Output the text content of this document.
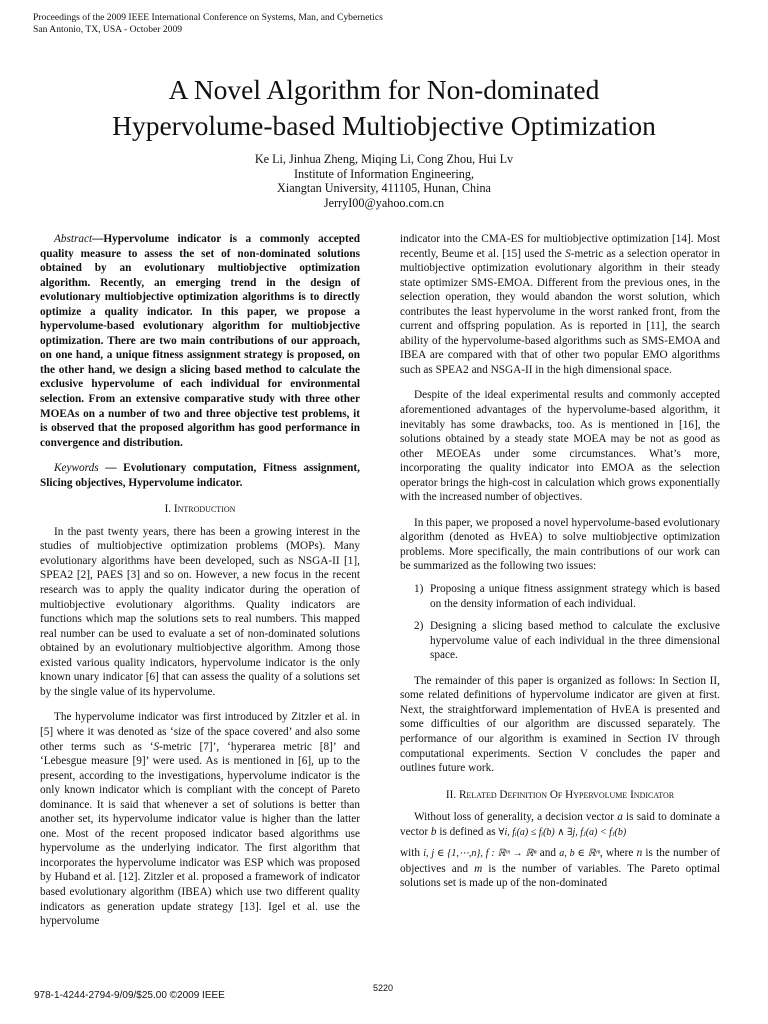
Proceedings of the 2009 IEEE International Conference on Systems, Man, and Cybernetics
San Antonio, TX, USA - October 2009
A Novel Algorithm for Non-dominated
Hypervolume-based Multiobjective Optimization
Ke Li, Jinhua Zheng, Miqing Li, Cong Zhou, Hui Lv
Institute of Information Engineering,
Xiangtan University, 411105, Hunan, China
JerryI00@yahoo.com.cn

Abstract—Hypervolume indicator is a commonly accepted quality measure to assess the set of non-dominated solutions obtained by an evolutionary multiobjective optimization algorithm. Recently, an emerging trend in the design of evolutionary multiobjective optimization algorithms is to directly optimize a quality indicator. In this paper, we propose a hypervolume-based evolutionary algorithm for multiobjective optimization. There are two main contributions of our approach, on one hand, a unique fitness assignment strategy is proposed, on the other hand, we design a slicing based method to calculate the exclusive hypervolume of each individual for environmental selection. From an extensive comparative study with three other MOEAs on a number of two and three objective test problems, it is observed that the proposed algorithm has good performance in convergence and distribution.

Keywords — Evolutionary computation, Fitness assignment, Slicing objectives, Hypervolume indicator.

I. Introduction

In the past twenty years, there has been a growing interest in the studies of multiobjective optimization problems (MOPs). Many evolutionary algorithms have been developed, such as NSGA-II [1], SPEA2 [2], PAES [3] and so on. However, a new focus in the recent research was to apply the quality indicator during the operation of multiobjective evolutionary algorithms. Quality indicators are functions which map the solutions sets to real numbers. This mapped real number can be used to evaluate a set of non-dominated solutions obtained by an evolutionary multiobjective algorithm. Among those existed various quality indicators, hypervolume indicator is the only known unary indicator [6] that can assess the quality of a solutions set by the single value of its hypervolume.

The hypervolume indicator was first introduced by Zitzler et al. in [5] where it was denoted as ‘size of the space covered’ and also some other terms such as ‘S-metric [7]’, ‘hyperarea metric [8]’ and ‘Lebesgue measure [9]’ were used. As is mentioned in [6], up to the present, according to the investigations, hypervolume indicator is the only known indicator which is compliant with the concept of Pareto dominance. It is said that whenever a set of solutions is better than another set, its hypervolume indicator value is higher than the latter one. Most of the recent proposed indicator based algorithms use hypervolume as the underlying indicator. The first algorithm that incorporates the hypervolume indicator was ESP which was proposed by Huband et al. [12]. Zitzler et al. proposed a framework of indicator based evolutionary algorithm (IBEA) which use two different quality indicators as generation update strategy [13]. Igel et al. use the hypervolume

indicator into the CMA-ES for multiobjective optimization [14]. Most recently, Beume et al. [15] used the S-metric as a selection operator in multiobjective optimization evolutionary algorithm in their steady state optimizer SMS-EMOA. Different from the previous ones, in the selection operation, they would abandon the worst solution, which contributes the least hypervolume in the worst ranked front, from the current and offspring population. As is reported in [11], the search ability of the hypervolume-based algorithms such as SMS-EMOA and IBEA are compared with that of other two popular EMO algorithms such as SPEA2 and NSGA-II in the high dimensional space.

Despite of the ideal experimental results and commonly accepted aforementioned advantages of the hypervolume-based algorithm, it inevitably has some drawbacks, too. As is mentioned in [16], the solutions obtained by a steady state MOEA may be not as good as other MEOEAs under some circumstances. What’s more, incorporating the quality indicator into EMOA as the selection operator brings the high-cost in calculation which grows exponentially with the increased number of objectives.

In this paper, we proposed a novel hypervolume-based evolutionary algorithm (denoted as HvEA) to solve multiobjective optimization problems. More specifically, the main contributions of our work can be summarized as the following two issues:

1) Proposing a unique fitness assignment strategy which is based on the density information of each individual.
2) Designing a slicing based method to calculate the exclusive hypervolume value of each individual in the three dimensional space.

The remainder of this paper is organized as follows: In Section II, some related definitions of hypervolume indicator are given at first. Next, the straightforward implementation of HvEA is presented and some difficulties of our algorithm are discussed separately. The performance of our algorithm is examined in Section IV through computational experiments. Section V concludes the paper and outlines future work.

II. Related Definition Of Hypervolume Indicator

Without loss of generality, a decision vector a is said to dominate a vector b is defined as ∀i, fᵢ(a) ≤ fᵢ(b) ∧ ∃j, fⱼ(a) < fⱼ(b)

with i, j ∈ {1,⋯,n}, f : ℝᵐ → ℝⁿ and a, b ∈ ℝᵐ, where n is the number of objectives and m is the number of variables. The Pareto optimal solutions set is made up of the non-dominated

5220
978-1-4244-2794-9/09/$25.00 ©2009 IEEE
